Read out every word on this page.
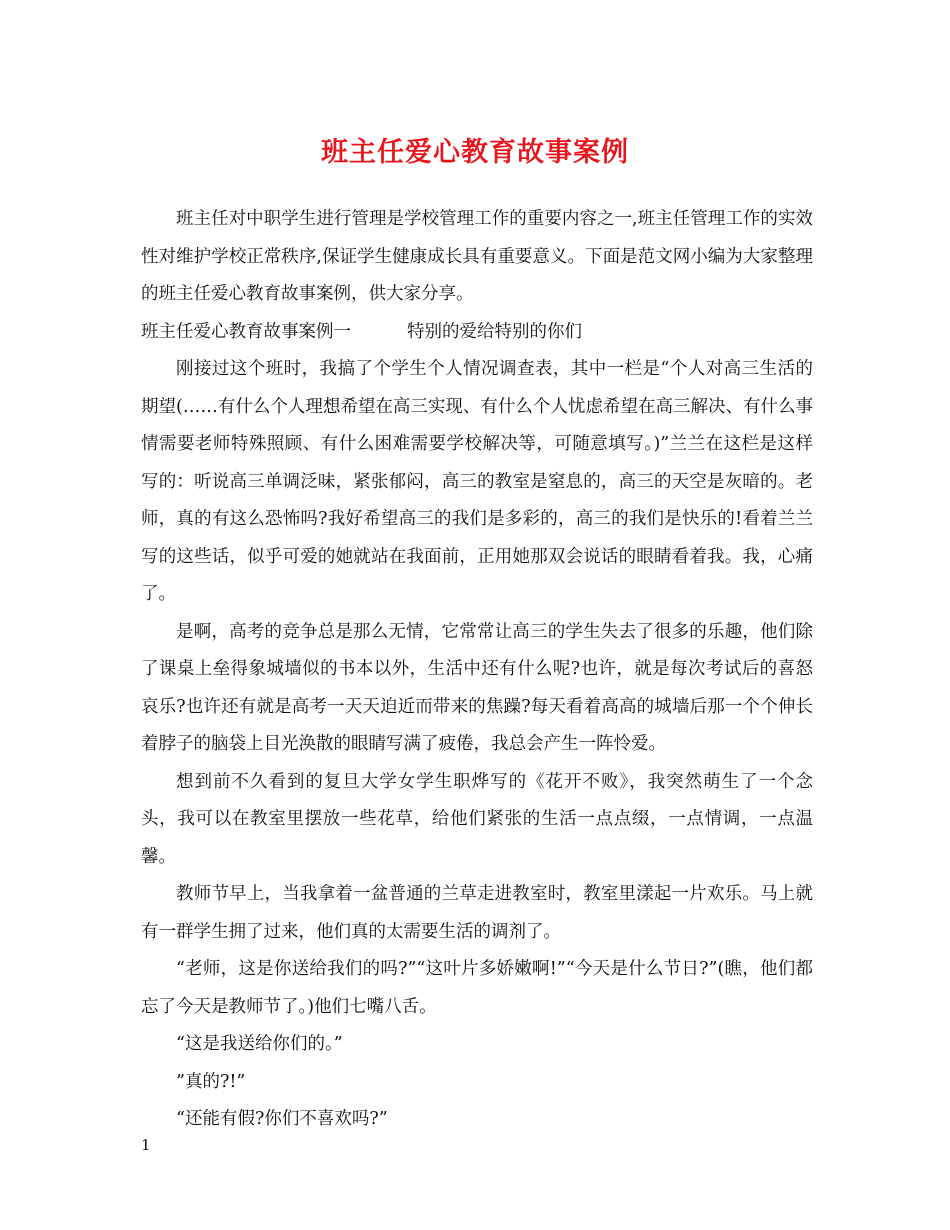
班主任爱心教育故事案例

班主任对中职学生进行管理是学校管理工作的重要内容之一,班主任管理工作的实效性对维护学校正常秩序,保证学生健康成长具有重要意义。下面是范文网小编为大家整理的班主任爱心教育故事案例，供大家分享。

班主任爱心教育故事案例一	特别的爱给特别的你们

刚接过这个班时，我搞了个学生个人情况调查表，其中一栏是“个人对高三生活的期望(……有什么个人理想希望在高三实现、有什么个人忧虑希望在高三解决、有什么事情需要老师特殊照顾、有什么困难需要学校解决等，可随意填写。)”兰兰在这栏是这样写的：听说高三单调泛味，紧张郁闷，高三的教室是窒息的，高三的天空是灰暗的。老师，真的有这么恐怖吗?我好希望高三的我们是多彩的，高三的我们是快乐的!看着兰兰写的这些话，似乎可爱的她就站在我面前，正用她那双会说话的眼睛看着我。我，心痛了。

是啊，高考的竞争总是那么无情，它常常让高三的学生失去了很多的乐趣，他们除了课桌上垒得象城墙似的书本以外，生活中还有什么呢?也许，就是每次考试后的喜怒哀乐?也许还有就是高考一天天迫近而带来的焦躁?每天看着高高的城墙后那一个个伸长着脖子的脑袋上目光涣散的眼睛写满了疲倦，我总会产生一阵怜爱。

想到前不久看到的复旦大学女学生职烨写的《花开不败》，我突然萌生了一个念头，我可以在教室里摆放一些花草，给他们紧张的生活一点点缀，一点情调，一点温馨。

教师节早上，当我拿着一盆普通的兰草走进教室时，教室里漾起一片欢乐。马上就有一群学生拥了过来，他们真的太需要生活的调剂了。

“老师，这是你送给我们的吗?”“这叶片多娇嫩啊!”“今天是什么节日?”(瞧，他们都忘了今天是教师节了。)他们七嘴八舌。

“这是我送给你们的。”

”真的?!”

“还能有假?你们不喜欢吗?”

1
